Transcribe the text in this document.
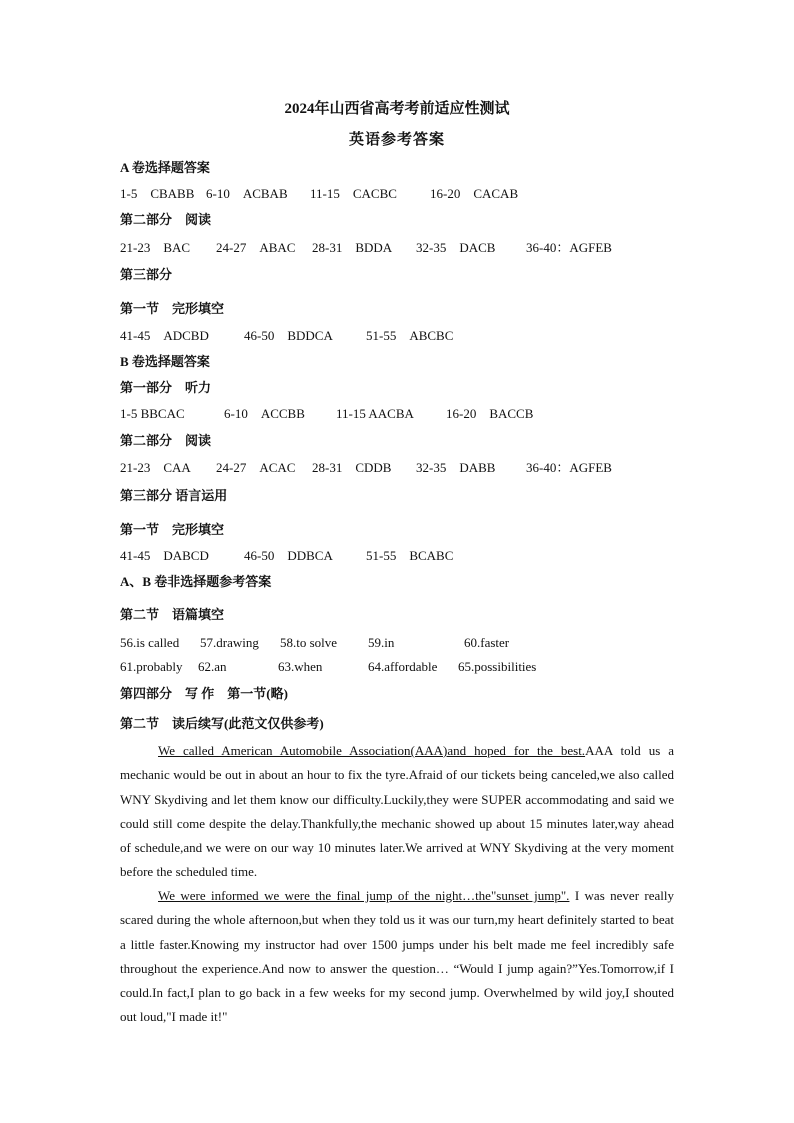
2024年山西省高考考前适应性测试
英语参考答案
A 卷选择题答案
1-5　CBABB 6-10　ACBAB 11-15　CACBC	16-20　CACAB
第二部分　阅读
21-23　BAC 24-27　ABAC 28-31　BDDA 32-35　DACB 36-40：AGFEB
第三部分
第一节　完形填空
41-45　ADCBD	46-50　BDDCA	51-55　ABCBC
B 卷选择题答案
第一部分　听力
1-5 BBCAC	6-10　ACCBB 11-15 AACBA 16-20　BACCB
第二部分　阅读
21-23　CAA 24-27　ACAC 28-31　CDDB 32-35　DABB 36-40：AGFEB
第三部分 语言运用
第一节　完形填空
41-45　DABCD	46-50　DDBCA	51-55　BCABC
A、B 卷非选择题参考答案
第二节　语篇填空
56.is called 57.drawing 58.to solve 59.in	60.faster
61.probably 62.an	63.when	64.affordable 65.possibilities
第四部分　写 作　第一节(略)
第二节　读后续写(此范文仅供参考)

We called American Automobile Association(AAA)and hoped for the best.AAA told us a mechanic would be out in about an hour to fix the tyre.Afraid of our tickets being canceled,we also called WNY Skydiving and let them know our difficulty.Luckily,they were SUPER accommodating and said we could still come despite the delay.Thankfully,the mechanic showed up about 15 minutes later,way ahead of schedule,and we were on our way 10 minutes later.We arrived at WNY Skydiving at the very moment before the scheduled time.

We were informed we were the final jump of the night…the"sunset jump". I was never really scared during the whole afternoon,but when they told us it was our turn,my heart definitely started to beat a little faster.Knowing my instructor had over 1500 jumps under his belt made me feel incredibly safe throughout the experience.And now to answer the question… “Would I jump again?”Yes.Tomorrow,if I could.In fact,I plan to go back in a few weeks for my second jump. Overwhelmed by wild joy,I shouted out loud,"I made it!"
